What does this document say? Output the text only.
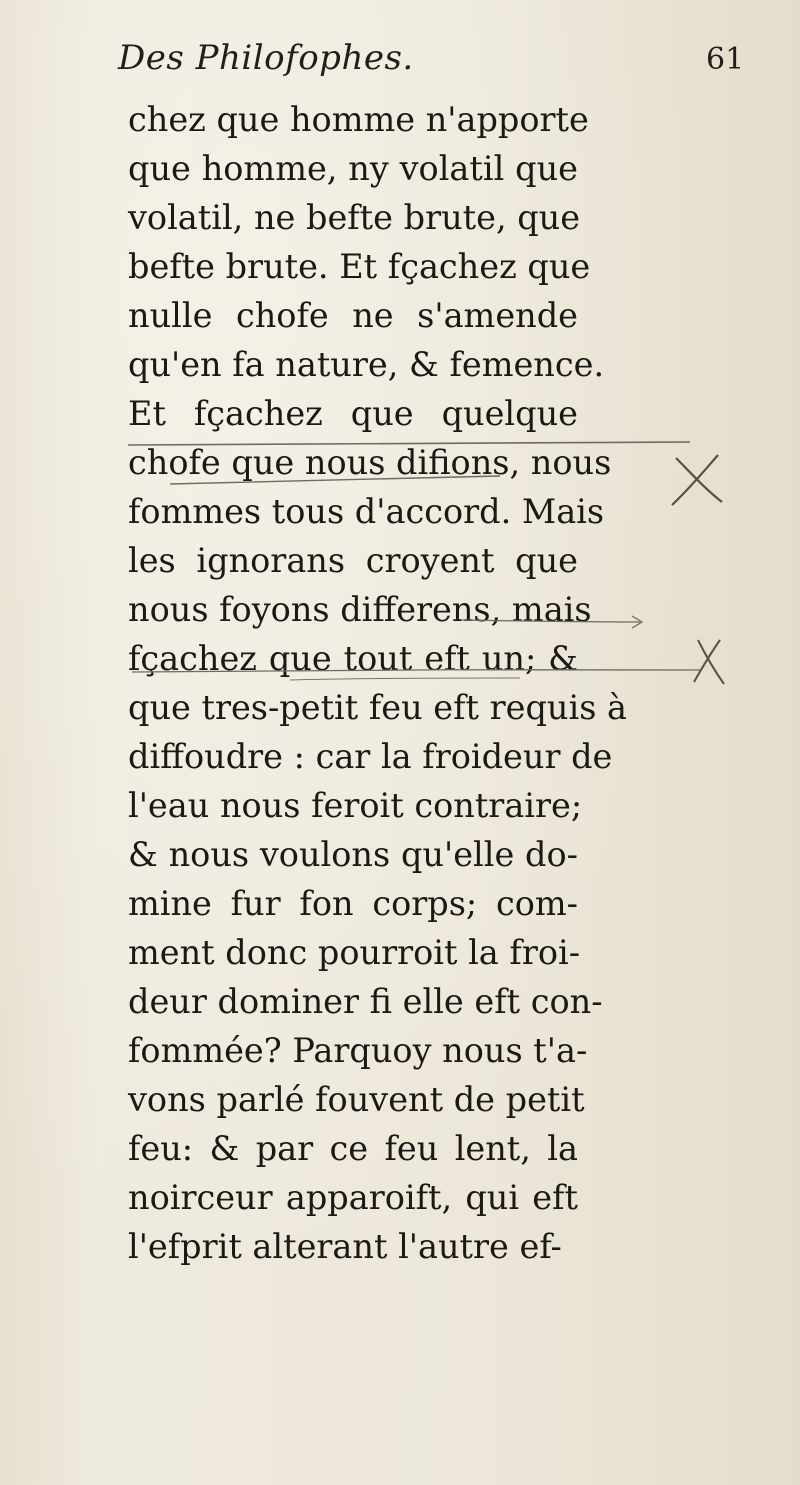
Des Philofophes.	61
chez que homme n'apporte
que homme, ny volatil que
volatil, ne befte brute, que
befte brute. Et fçachez que
nulle chofe ne s'amende
qu'en fa nature, & femence.
Et fçachez que quelque
chofe que nous difions, nous
fommes tous d'accord. Mais
les ignorans croyent que
nous foyons differens, mais
fçachez que tout eft un; &
que tres-petit feu eft requis à
diffoudre : car la froideur de
l'eau nous feroit contraire;
& nous voulons qu'elle do-
mine fur fon corps; com-
ment donc pourroit la froi-
deur dominer fi elle eft con-
fommée? Parquoy nous t'a-
vons parlé fouvent de petit
feu: & par ce feu lent, la
noirceur apparoift, qui eft
l'efprit alterant l'autre ef-
